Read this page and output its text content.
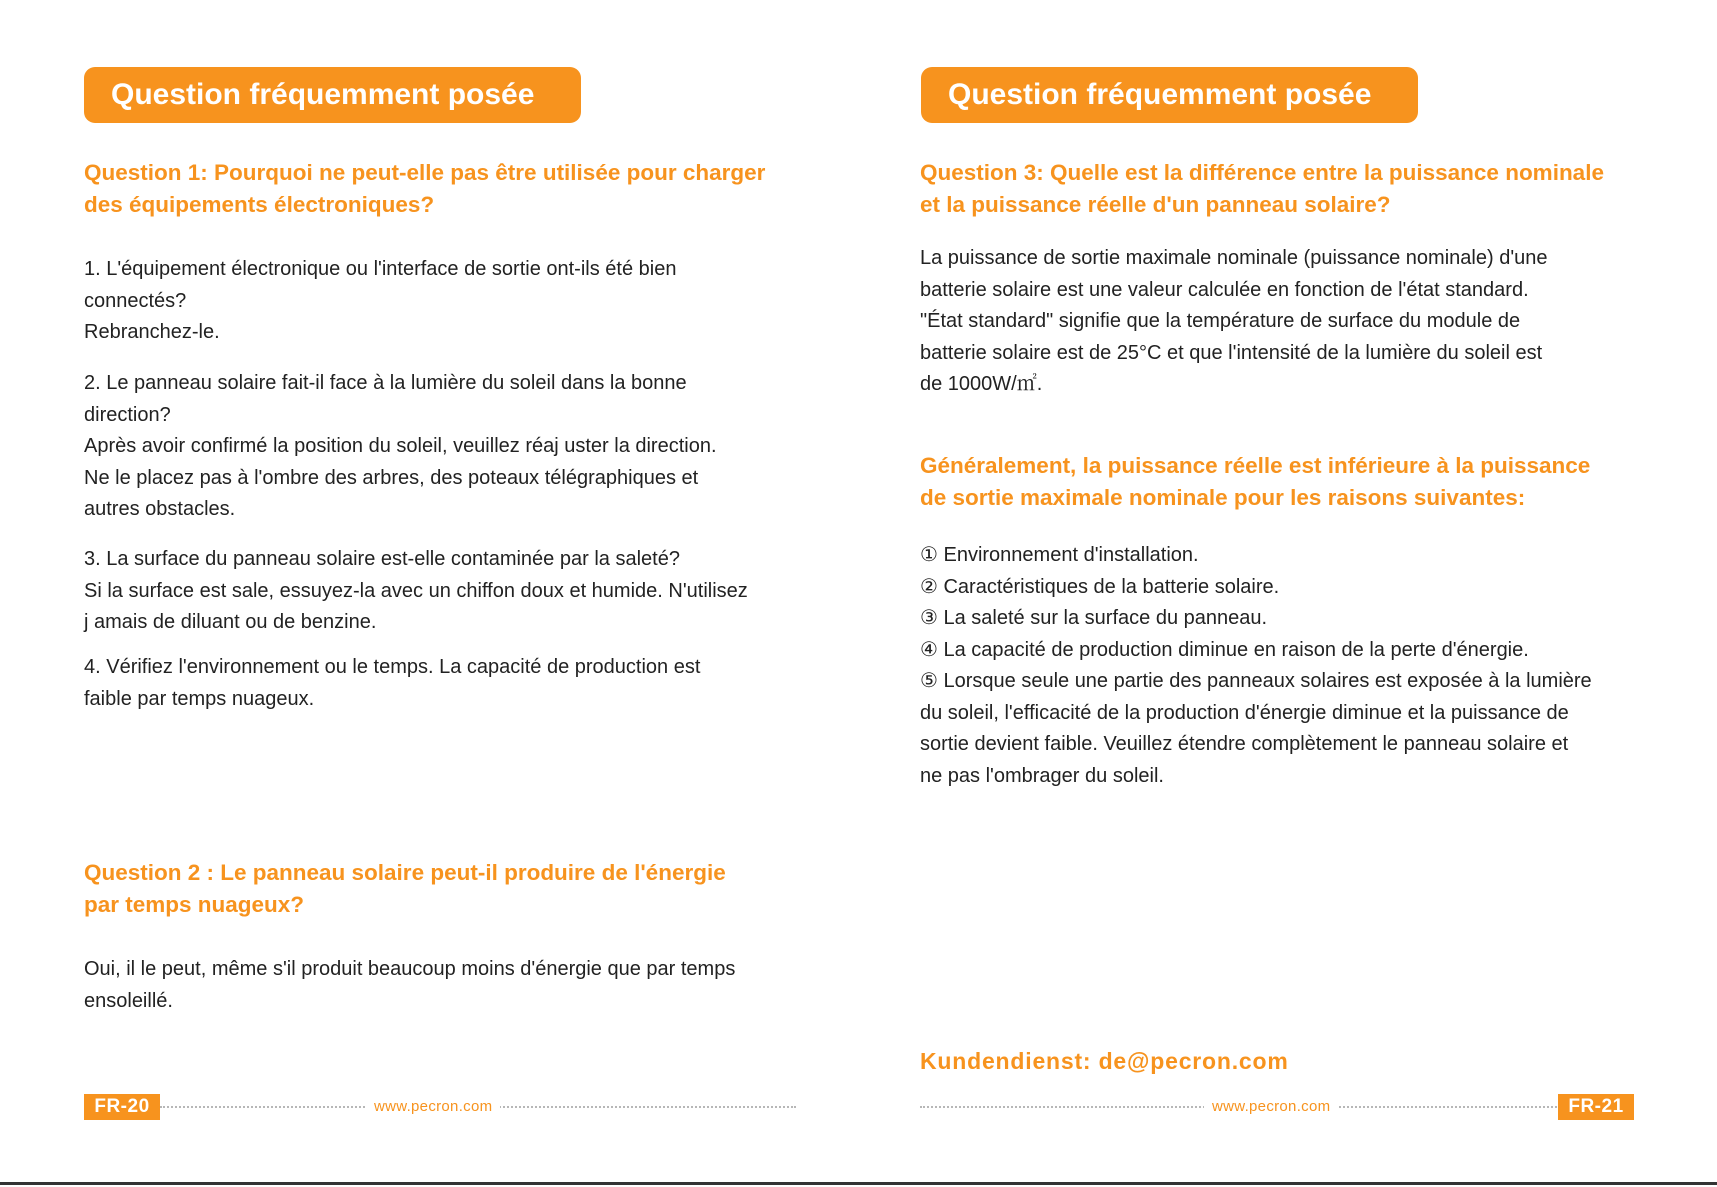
Question fréquemment posée

Question 1: Pourquoi ne peut-elle pas être utilisée pour charger
des équipements électroniques?

1. L'équipement électronique ou l'interface de sortie ont-ils été bien
connectés?
Rebranchez-le.

2. Le panneau solaire fait-il face à la lumière du soleil dans la bonne
direction?
Après avoir confirmé la position du soleil, veuillez réaj uster la direction.
Ne le placez pas à l'ombre des arbres, des poteaux télégraphiques et
autres obstacles.

3. La surface du panneau solaire est-elle contaminée par la saleté?
Si la surface est sale, essuyez-la avec un chiffon doux et humide. N'utilisez
j amais de diluant ou de benzine.

4. Vérifiez l'environnement ou le temps. La capacité de production est
faible par temps nuageux.

Question 2 : Le panneau solaire peut-il produire de l'énergie
par temps nuageux?

Oui, il le peut, même s'il produit beaucoup moins d'énergie que par temps
ensoleillé.

FR-20	www.pecron.com
Question fréquemment posée

Question 3: Quelle est la différence entre la puissance nominale
et la puissance réelle d'un panneau solaire?

La puissance de sortie maximale nominale (puissance nominale) d'une
batterie solaire est une valeur calculée en fonction de l'état standard.
"État standard" signifie que la température de surface du module de
batterie solaire est de 25°C et que l'intensité de la lumière du soleil est
de 1000W/㎡.

Généralement, la puissance réelle est inférieure à la puissance
de sortie maximale nominale pour les raisons suivantes:

① Environnement d'installation.
② Caractéristiques de la batterie solaire.
③ La saleté sur la surface du panneau.
④ La capacité de production diminue en raison de la perte d'énergie.
⑤ Lorsque seule une partie des panneaux solaires est exposée à la lumière
du soleil, l'efficacité de la production d'énergie diminue et la puissance de
sortie devient faible. Veuillez étendre complètement le panneau solaire et
ne pas l'ombrager du soleil.

Kundendienst: de@pecron.com
www.pecron.com	FR-21
